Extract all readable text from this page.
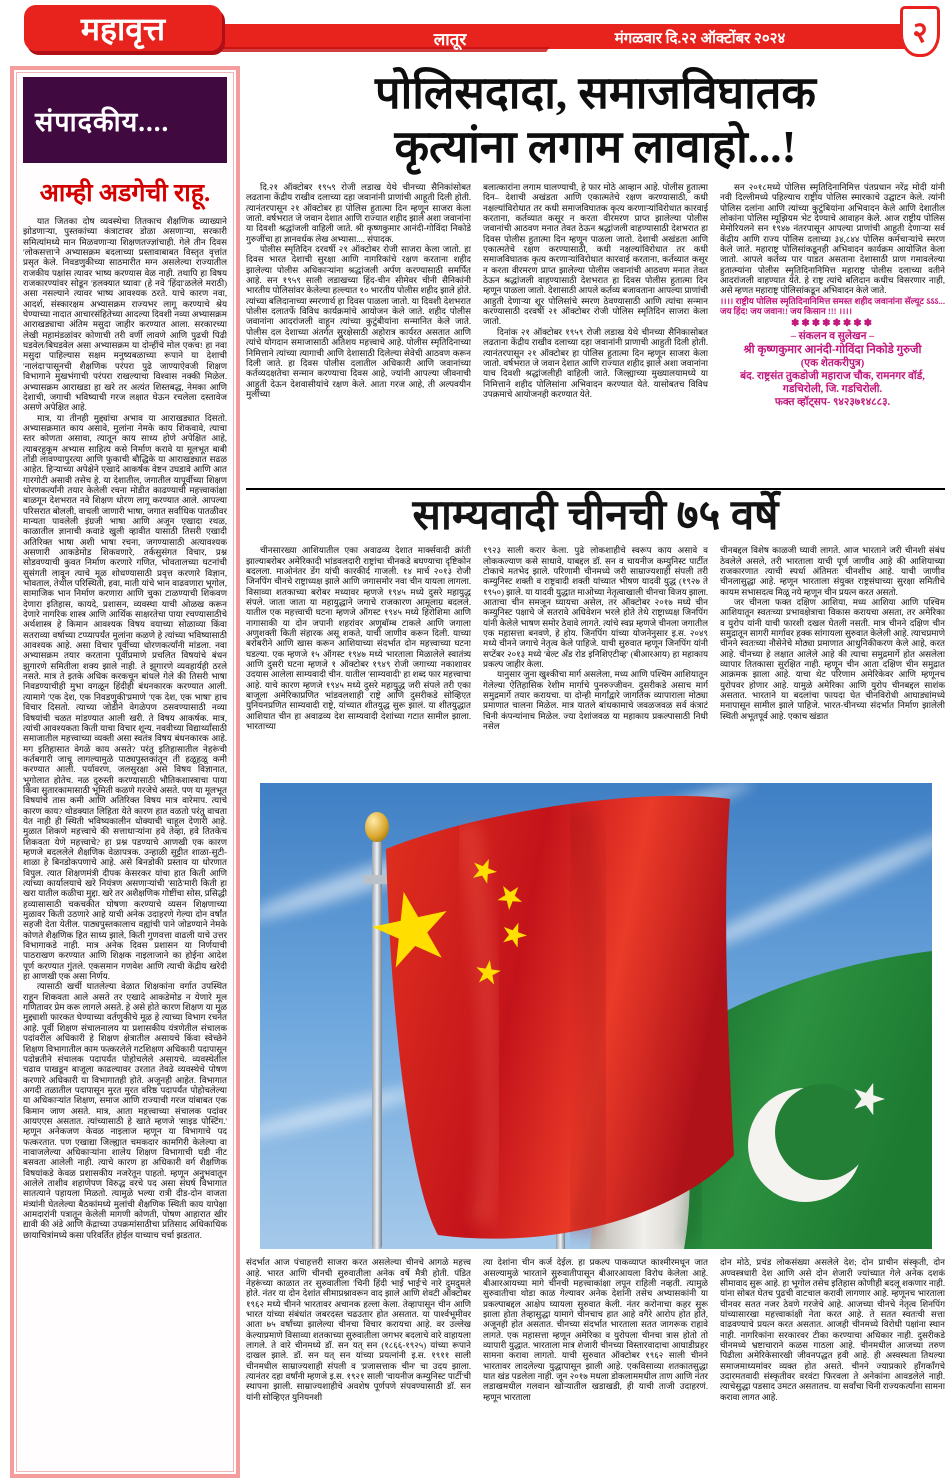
महावृत्त	लातूर	मंगळवार दि.२२ ऑक्टोंबर २०२४	२
संपादकीय....
आम्ही अडगेची राहू.

यात जितका दोष व्यवस्थेचा तितकाच शैक्षणिक व्याख्याने झोडणाऱ्या, पुस्तकांच्या कंत्राटावर डोळा असणाऱ्या, सरकारी समित्यांमध्ये मान मिळवणाऱ्या शिक्षणतज्ज्ञांचाही. गेले तीन दिवस 'लोकसत्ता'ने अभ्यासक्रम बदलाच्या प्रस्तावाबाबत विस्तृत वृत्तांत प्रसृत केले. निवडणुकीच्या साठमारीत मग्न असलेल्या राज्यातील राजकीय पक्षांस त्यावर भाष्य करण्यास वेळ नाही. तथापि हा विषय राजकारण्यांवर सोडून 'हलक्यात घ्यावा' (हे नवे 'हिंदा'ळलेले मराठी) असा नसल्याने त्यावर भाष्य आवश्यक ठरते. याचे कारण नवा, आदर्श, संस्कारक्षम अभ्यासक्रम राज्यभर लागू करण्याचे श्रेय घेण्याच्या नादात आचारसंहितेच्या आदल्या दिवशी नव्या अभ्यासक्रम आराखड्याचा अंतिम मसुदा जाहीर करण्यात आला. सरकारच्या लेखी महामंडळांवर कोणाची तरी वर्णी लावणे आणि पुढची पिढी घडवेल/बिघडवेल असा अभ्यासक्रम या दोन्हींचे मोल एकच! हा नवा मसुदा पाहिल्यास सक्षम मनुष्यबळाच्या रूपाने या देशाची 'नालंदा'पासूनची शैक्षणिक परंपरा पुढे जाण्याऐवजी शिक्षण विभागाने मुखभंगाची परंपरा राखल्याचा विश्वास नक्की मिळेल. अभ्यासक्रम आराखडा हा खरे तर अत्यंत शिस्तबद्ध, नेमका आणि देशाची, जगाची भविष्याची गरज लक्षात घेऊन रचलेला दस्तावेज असणे अपेक्षित आहे.

मात्र, या तीनही मुद्द्यांचा अभाव या आराखड्यात दिसतो. अभ्यासक्रमात काय असावे, मुलांना नेमके काय शिकवावे, त्याचा स्तर कोणता असावा, त्यातून काय साध्य होणे अपेक्षित आहे, त्याबरहुकूम अभ्यास साहित्य कसे निर्माण करावे या मूलभूत बाबी तोंडी लावण्यापुरत्या आणि फुकाची बौद्धिके या आराखड्यात सढळ आहेत. हिऱ्याच्या अपेक्षेने एखादे आकर्षक वेष्टन उघडावे आणि आत गारगोटी असावी तसेच हे. या देशातील, जगातील यापूर्वीच्या शिक्षण धोरणकर्त्यांनी तयार केलेली रचना मोडीत काढण्याची महत्त्वाकांक्षा बाळगून देशभरात नवे शिक्षण धोरण लागू करण्यात आले. आपल्या परिसरात बोलली, वाचली जाणारी भाषा, जगात सर्वाधिक पातळीवर मान्यता पावलेली इंग्रजी भाषा आणि अजून एखादा रथळ, काळातील ज्ञानाची कवाडे खुली व्हावीत यासाठी तिसरी एखादी अतिरिक्त भाषा अशी भाषा रचना, जगण्यासाठी अत्यावश्यक असणारी आकडेमोड शिकवणारे, तर्कसुसंगत विचार, प्रश्न सोडवण्याची कुवत निर्माण करणारे गणित, भोवतालच्या घटनांची सुसंगती लावून त्याचे मूळ शोधण्यासाठी प्रवृत्त करणारे विज्ञान, भोवताल, तेथील परिस्थिती, हवा, माती यांचे भान वाढवणारा भूगोल, सामाजिक भान निर्माण करणारा आणि चुका टाळण्याची शिकवण देणारा इतिहास, कायदे, प्रशासन, व्यवस्था याची ओळख करून देणारे नागरिक शास्त्र आणि आर्थिक साक्षरतेचा पाया रचण्यासाठीचे अर्थशास्त्र हे किमान आवश्यक विषय वयाच्या सोळाव्या किंवा सतराव्या वर्षाच्या टप्प्यापर्यंत मुलांना कळणे हे त्यांच्या भविष्यासाठी आवश्यक आहे. असा विचार पूर्वीच्या धोरणकर्त्यांनी मांडला. नवा अभ्यासक्रम तयार करताना पूर्वीप्रमाणे प्रचलित विषयांचे बंधन झुगारणे समितीला शक्य झाले नाही. ते झुगारणे व्यवहार्यही ठरले नसते. मात्र ते इतके अधिक करकचून बांधले गेले की तिसरी भाषा निवडण्याचीही मुभा वगळून हिंदीही बंधनकारक करण्यात आली. त्यामागे 'एक देश, एक निवडणुकी'प्रमाणे 'एक देश, एक भाषा' हाच विचार दिसतो. त्याच्या जोडीने वेगळेपण ठसवण्यासाठी नव्या विषयांची चळत मांडण्यात आली खरी. ते विषय आकर्षक. मात्र, त्यांची आवश्यकता किती याचा विचार शून्य. नववीच्या विद्यार्थ्यांसाठी समाजातील महत्त्वाच्या व्यक्ती असा स्वतंत्र विषय बंधनकारक आहे. मग इतिहासात वेगळे काय असते? परंतु इतिहासातील नेहरूंची कर्तबगारी जाचू लागल्यामुळे पाठ्यपुस्तकांतून ती हळूहळू कमी करण्यात आली. पर्यावरण, जलसुरक्षा असे विषय विज्ञानात, भूगोलात होतेच. नळ दुरुस्ती करण्यासाठी भौतिकशास्त्राचा पाया किंवा सुतारकामासाठी भूमिती कळणे गरजेचे असते. पण या मूलभूत विषयांचे तास कमी आणि अतिरिक्त विषय मात्र वारेमाप. त्याचे कारण काय? थोडक्यात लिहिता येते कारण हात वळतो परंतु वाचता येत नाही ही स्थिती भविष्यकालीन धोक्याची चाहूल देणारी आहे. मुळात शिकणे महत्त्वाचे की सत्ताधाऱ्यांना हवे तेव्हा, हवे तितकेच शिकवता येणे महत्त्वाचे? हा प्रश्न पडण्याचे आणखी एक कारण म्हणजे बदललेले शैक्षणिक वेळापत्रक. उन्हाळी सुट्टीत शाळा-सुटी-शाळा हे बिनडोकपणाचे आहे. असे बिनडोकी प्रस्ताव या धोरणात विपुल. त्यात शिक्षणमंत्री दीपक केसरकर यांचा हात किती आणि त्यांच्या कार्यालयाचे खरे नियंत्रण असणाऱ्यांची 'साठे'मारी किती हा खरा यातील कळीचा मुद्दा. खरे तर अशैक्षणिक गोष्टींचा सोस, प्रसिद्धी हव्यासासाठी चकचकीत घोषणा करण्याचे व्यसन शिक्षणाच्या मुळावर किती उठणारे आहे याची अनेक उदाहरणे गेल्या दोन वर्षांत सहजी देता येतील. पाठ्यपुस्तकालाच वह्यांची पाने जोडण्याने नेमके कोणते शैक्षणिक हित साध्य झाले, किती गुणवत्ता वाढली याचे उत्तर विभागाकडे नाही. मात्र अनेक दिवस प्रशासन या निर्णयाची पाठराखण करण्यात आणि शिक्षक नाइलाजाने का होईना आदेश पूर्ण करण्यात गुंतले. एकसमान गणवेश आणि त्याची केंद्रीय खरेदी हा आणखी एक असा निर्णय.

त्यासाठी खर्ची घातलेल्या वेळात शिक्षकांना वर्गात उपस्थित राहून शिकवता आले असते तर एखादे आकडेमोड न येणारे मूल गणितावर प्रेम करू लागले असते. हे असे होते कारण शिक्षण या मूळ मुद्द्याशी फारकत घेण्याच्या वर्तणुकीचे मूळ हे त्याच्या विभाग रचनेत आहे. पूर्वी शिक्षण संचालनालय या प्रशासकीय यंत्रणेतील संचालक पदांवरील अधिकारी हे शिक्षण क्षेत्रातील असायचे किंवा स्वेच्छेने शिक्षण विभागातील काम फत्करलेले गटशिक्षण अधिकारी पदापासून पदोन्नतीने संचालक पदापर्यंत पोहोचलेले असायचे. व्यवस्थेतील चढाव पाखडून बाजूला काढल्यावर उरतात तेवढे व्यवस्थेचे पोषण करणारे अधिकारी या विभागातही होते. अजूनही आहेत. विभागात अगदी तळातील पदापासून मुरत मुरत वरिष्ठ पदापर्यंत पोहोचलेल्या या अधिकाऱ्यांत शिक्षण, समाज आणि राज्याची गरज यांबाबत एक किमान जाण असते. मात्र, आता महत्त्वाच्या संचालक पदांवर आयएएस असतात. त्यांच्यासाठी हे खाते म्हणजे 'साइड पोस्टिंग.' म्हणून अनेकजण केवळ नाइलाज म्हणून या विभागाचे पद फत्करतात. पण एखाद्या जिल्ह्यात चमकदार कामगिरी केलेल्या वा नावाजलेल्या अधिकाऱ्यांना शालेय शिक्षण विभागाची घडी नीट बसवता आलेली नाही. त्याचे कारण हा अधिकारी वर्ग शैक्षणिक विषयांकडे केवळ प्रशासकीय नजरेतून पाहतो. म्हणून अनुभवातून आलेले ताशीव शहाणेपण विरुद्ध वरचे पद असा संघर्ष विभागात सातत्याने पहायला मिळतो. त्यामुळे भल्या रात्री दीड-दोन वाजता मंत्र्यांनी घेतलेल्या बैठकांमध्ये मुलांची शैक्षणिक स्थिती काय यापेक्षा आमदारांनी पत्रातून केलेली मागणी कोणती, पोषण आहारात खीर द्यावी की अंडे आणि केंद्राच्या उपक्रमांसाठीचा प्रतिसाद अधिकाधिक छायाचित्रांमध्ये कसा परिवर्तित होईल याच्याच चर्चा झडतात.

पोलिसदादा, समाजविघातक
कृत्यांना लगाम लावाहो...!

दि.२१ ऑक्टोबर १९५९ रोजी लडाख येथे चीनच्या सैनिकांसोबत लढताना केंद्रीय राखीव दलाच्या दहा जवानांनी प्राणांची आहूती दिली होती. त्यानंतरपासून २१ ऑक्टोबर हा पोलिस हुतात्मा दिन म्हणून साजरा केला जातो. वर्षभरात जे जवान देशात आणि राज्यात शहीद झाले अशा जवानांना या दिवशी श्रद्धांजली वाहिली जाते. श्री कृष्णकुमार आनंदी-गोविंदा निकोडे गुरुजींचा हा ज्ञानवर्धक लेख अभ्यासा.... संपादक.

पोलीस स्मृतिदिन दरवर्षी २१ ऑक्टोबर रोजी साजरा केला जातो. हा दिवस भारत देशाची सुरक्षा आणि नागरिकांचे रक्षण करताना शहीद झालेल्या पोलीस अधिकाऱ्यांना श्रद्धांजली अर्पण करण्यासाठी समर्पित आहे. सन १९५९ साली लडाखच्या हिंद-चीन सीमेवर चीनी सैनिकांनी भारतीय पोलिसांवर केलेल्या हल्ल्यात १० भारतीय पोलीस शहीद झाले होते. त्यांच्या बलिदानाच्या स्मरणार्थ हा दिवस पाळला जातो. या दिवशी देशभरात पोलीस दलातर्फे विविध कार्यक्रमांचे आयोजन केले जाते. शहीद पोलीस जवानांना आदरांजली वाहून त्यांच्या कुटुंबीयांना सन्मानित केले जाते. पोलीस दल देशाच्या अंतर्गत सुरक्षेसाठी अहोरात्र कार्यरत असतात आणि त्यांचे योगदान समाजासाठी अतिशय महत्त्वाचे आहे. पोलीस स्मृतिदिनाच्या निमित्ताने त्यांच्या त्यागाची आणि देशासाठी दिलेल्या सेवेची आठवण करून दिली जाते. हा दिवस पोलीस दलातील अधिकारी आणि जवानांच्या कर्तव्यदक्षतेचा सन्मान करण्याचा दिवस आहे, ज्यांनी आपल्या जीवनाची आहुती देऊन देशवासीयांचे रक्षण केले. आता गरज आहे, ती अल्पवयीन मुलींच्या

बलात्कारांना लगाम घालण्याची, हे फार मोठे आव्हान आहे. पोलीस हुतात्मा दिन– देशाची अखंडता आणि एकात्मतेचे रक्षण करण्यासाठी, कधी नक्षल्यांविरोधात तर कधी समाजविघातक कृत्य करणाऱ्यांविरोधात कारवाई करताना, कर्तव्यात कसूर न करता वीरमरण प्राप्त झालेल्या पोलीस जवानांची आठवण मनात तेवत ठेऊन श्रद्धांजली वाहण्यासाठी देशभरात हा दिवस पोलीस हुतात्मा दिन म्हणून पाळला जातो. देशाची अखंडता आणि एकात्मतेचे रक्षण करण्यासाठी, कधी नक्षल्यांविरोधात तर कधी समाजविघातक कृत्य करणाऱ्यांविरोधात कारवाई करताना, कर्तव्यात कसूर न करता वीरमरण प्राप्त झालेल्या पोलीस जवानांची आठवण मनात तेवत ठेऊन श्रद्धांजली वाहण्यासाठी देशभरात हा दिवस पोलीस हुतात्मा दिन म्हणून पाळला जातो. देशासाठी आपले कर्तव्य बजावताना आपल्या प्राणांची आहुती देणाऱ्या शूर पोलिसांचे स्मरण ठेवण्यासाठी आणि त्यांचा सन्मान करण्यासाठी दरवर्षी २१ ऑक्टोबर रोजी पोलिस स्मृतिदिन साजरा केला जातो.

दिनांक २१ ऑक्टोबर १९५९ रोजी लडाख येथे चीनच्या सैनिकासोबत लढताना केंद्रीय राखीव दलाच्या दहा जवानांनी प्राणाची आहुती दिली होती. त्यानंतरपासून २१ ऑक्टोबर हा पोलिस हुतात्मा दिन म्हणून साजरा केला जातो. वर्षभरात जे जवान देशात आणि राज्यात शहीद झाले अशा जवानांना याच दिवशी श्रद्धांजलीही वाहिली जाते. जिल्ह्याच्या मुख्यालयामध्ये या निमित्ताने शहीद पोलिसांना अभिवादन करण्यात येते. यासोबतच विविध उपक्रमाचे आयोजनही करण्यात येते.

सन २०१८मध्ये पोलिस स्मृतिदिनानिमित्त पंतप्रधान नरेंद्र मोदी यांनी नवी दिल्लीमध्ये पहिल्याच राष्ट्रीय पोलिस स्मारकाचे उद्घाटन केले. त्यांनी पोलिस दलांना आणि त्यांच्या कुटुंबियांना अभिवादन केले आणि देशातील लोकांना पोलिस म्यूझियम भेट देण्याचे आवाहन केले. आज राष्ट्रीय पोलिस मेमोरियलने सन १९४७ नंतरपासून आपल्या प्राणांची आहुती देणाऱ्या सर्व केंद्रीय आणि राज्य पोलिस दलाच्या ३४,८४४ पोलिस कर्मचाऱ्यांचे स्मरण केले जाते. महाराष्ट्र पोलिसांकडूनही अभिवादन कार्यक्रम आयोजित केला जातो. आपले कर्तव्य पार पाडत असताना देशासाठी प्राण गमावलेल्या हुतात्म्यांना पोलीस स्मृतिदिनानिमित्त महाराष्ट्र पोलीस दलाच्या वतीने आदरांजली वाहण्यात येते. हे राष्ट्र त्यांचे बलिदान कधीच विसरणार नाही, असे म्हणत महाराष्ट्र पोलिसांकडून अभिवादन केले जाते.

।।।। राष्ट्रीय पोलिस स्मृतिदिनानिमित्त समस्त शहीद जवानांना सॅल्यूट ऽऽऽ... जय हिंद! जय जवान!! जय किसान !!! ।।।।

✽✽✽✽✽✽✽✽
– संकलन व सुलेखन –
श्री कृष्णकुमार आनंदी-गोविंदा निकोडे गुरुजी
(एक शेतकरीपुत्र)
बंद. राष्ट्रसंत तुकडोजी महाराज चौक, रामनगर वॉर्ड,
गडचिरोली, जि. गडचिरोली.
फक्त व्हॉट्सप- ९४२३७१४८८३.
साम्यवादी चीनची ७५ वर्षे

चीनसारख्या आशियातील एका अवाढव्य देशात मार्क्सवादी क्रांती झाल्याबरोबर अमेरिकादी भांडवलदारी राष्ट्रांचा चीनकडे बघण्याचा दृष्टिकोन बदलला. माओनंतर डेंग यांची कारकीर्द गाजली. १४ मार्च २०१३ रोजी जिनपिंग चीनचे राष्ट्राध्यक्ष झाले आणि जगासमोर नवा चीन यायला लागला. विसाव्या शतकाच्या बरोबर मध्यावर म्हणजे १९४५ मध्ये दुसरे महायुद्ध संपले. जाता जाता या महायुद्धाने जगाचे राजकारण आमूलाग्र बदलले. यातील एक महत्त्वाची घटना म्हणजे ऑगस्ट १९४५ मध्ये हिरोशिमा आणि नागासाकी या दोन जपानी शहरांवर अणुबॉम्ब टाकले आणि जगाला अणुशक्ती किती संहारक असू शकते, याची जाणीव करून दिली. याच्या बरोबरीने आणि खास करून आशियाच्या संदर्भात दोन महत्त्वाच्या घटना घडल्या. एक म्हणजे १५ ऑगस्ट १९४७ मध्ये भारताला मिळालेले स्वातंत्र्य आणि दुसरी घटना म्हणजे १ ऑक्टोबर १९४९ रोजी जगाच्या नकाशावर उदयास आलेला साम्यवादी चीन. यातील 'साम्यवादी' हा शब्द फार महत्त्वाचा आहे. याचे कारण म्हणजे १९४५ मध्ये दुसरे महायुद्ध जरी संपले तरी एका बाजूला अमेरिकाप्रणित भांडवलशाही राष्ट्रे आणि दुसरीकडे सोव्हिएत युनियनप्रणित साम्यवादी राष्ट्रे, यांच्यात शीतयुद्ध सुरू झालं. या शीतयुद्धात आशियात चीन हा अवाढव्य देश साम्यवादी देशांच्या गटात सामील झाला. भारताच्या

१९२३ साली करार केला. पुढे लोकशाहीचे स्वरूप काय असावे व लोककल्याण कसे साधावे, याबद्दल डॉ. सन व चायनीज कम्युनिस्ट पार्टीत टोकाचे मतभेद झाले. परिणामी चीनमध्ये जरी साम्राज्यशाही संपली तरी कम्युनिस्ट शक्ती व राष्ट्रवादी शक्ती यांच्यात भीषण यादवी युद्ध (१९२७ ते १९५०) झाले. या यादवी युद्धात माओच्या नेतृत्वाखाली चीनचा विजय झाला. आताचा चीन समजून घ्यायचा असेल, तर ऑक्टोबर २०१७ मध्ये चीन कम्युनिस्ट पक्षाचे जे सतरावे अधिवेशन भरले होते तेथे राष्ट्राध्यक्ष जिनपिंग यांनी केलेले भाषण समोर ठेवावे लागते. त्यांचे स्वप्न म्हणजे चीनला जगातील एक महासत्ता बनवणे, हे होय. जिनपिंग यांच्या योजनेनुसार इ.स. २०४९ मध्ये चीनने जगाचे नेतृत्व केले पाहिजे. याची सुरुवात म्हणून जिनपिंग यांनी सप्टेंबर २०१३ मध्ये 'बेल्ट अँड रोड इनिशिएटीव्ह' (बीआरआय) हा महाकाय प्रकल्प जाहीर केला.

यानुसार जुना खुश्कीचा मार्ग असलेला, मध्य आणि पश्चिम आशियातून गेलेल्या ऐतिहासिक रेशीम मार्गाचे पुनरुज्जीवन. दुसरीकडे असाच मार्ग समुद्रमार्गे तयार करायचा. या दोन्ही मार्गांद्वारे जागतिक व्यापाराला मोठ्या प्रमाणात चालना मिळेल. मात्र यातले बांधकामाचे जवळजवळ सर्व कंत्राटं चिनी कंपन्यांनाच मिळेल. ज्या देशांजवळ या महाकाय प्रकल्पासाठी निधी नसेल

चीनबद्दल विशेष काळजी घ्यावी लागते. आज भारताने जरी चीनशी संबंध ठेवलेले असले, तरी भारताला याची पूर्ण जाणीव आहे की आशियाच्या राजकारणात त्याची स्पर्धा अंतिमतः चीनशीच आहे. याची जाणीव चीनलासुद्धा आहे. म्हणून भारताला संयुक्त राष्ट्रसंघाच्या सुरक्षा समितीचे कायम सभासदत्व मिळू नये म्हणून चीन प्रयत्न करत असतो.

जर चीनला फक्त दक्षिण आशिया, मध्य आशिया आणि पश्चिम आशियातून स्वतःच्या प्रभावक्षेत्राचा विकास करायचा असता, तर अमेरिका व युरोप यांनी याची फारशी दखल घेतली नसती. मात्र चीनने दक्षिण चीन समुद्रातून सागरी मार्गावर हक्क सांगायला सुरुवात केलेली आहे. त्याचप्रमाणे चीनने स्वतःच्या नौसेनेचे मोठ्या प्रमाणात आधुनिकीकरण केले आहे, करत आहे. चीनच्या हे लक्षात आलेले आहे की त्याचा समुद्रमार्गे होत असलेला व्यापार तितकासा सुरक्षित नाही. म्हणून चीन आता दक्षिण चीन समुद्रात आक्रमक झाला आहे. याचा थेट परिणाम अमेरिकेवर आणि म्हणूनच युरोपवर होणार आहे. यामुळे अमेरिका आणि युरोप चीनबद्दल साशंक असतात. भारताने या बदलांचा फायदा घेत चीनविरोधी आघाड्यांमध्ये मनापासून सामील झाले पाहिजे. भारत-चीनच्या संदर्भात निर्माण झालेली स्थिती अभूतपूर्व आहे. एकाच खंडात

संदर्भात आज पंचाहत्तरी साजरा करत असलेल्या चीनचे आगळे महत्त्व आहे. भारत आणि चीनची सुरुवातीला अनेक वर्षे मैत्री होती. पंडित नेहरूंच्या काळात तर सुरुवातीला 'चिनी हिंदी भाई भाई'चे नारे दुमदुमले होते. नंतर या दोन देशांत सीमाप्रश्नावरून वाद झाले आणि शेवटी ऑक्टोबर १९६२ मध्ये चीनने भारतावर अचानक हल्ला केला. तेव्हापासून चीन आणि भारत यांच्या संबंधांत जबरदस्त चढउतार होत असतात. या पार्श्वभूमीवर आता ७५ वर्षांच्या झालेल्या चीनचा विचार करायचा आहे. वर उल्लेख केल्याप्रमाणे विसाव्या शतकाच्या सुरुवातीला जगभर बदलाचे वारे वाहायला लागले. ते वारे चीनमध्ये डॉ. सन यत् सन (१८६६-१९२५) यांच्या रूपाने दाखल झाले. डॉ. सन यत् सन यांच्या प्रयत्नांनी इ.स. १९११ साली चीनमधील साम्राज्यशाही संपली व 'प्रजासत्ताक चीन' चा उदय झाला. त्यानंतर दहा वर्षांनी म्हणजे इ.स. १९२१ साली 'चायनीज कम्युनिस्ट पार्टी'ची स्थापना झाली. साम्राज्यशाहीचे अवशेष पूर्णपणे संपवण्यासाठी डॉ. सन यांनी सोव्हिएत युनियनशी

त्या देशांना चीन कर्ज देईल. हा प्रकल्प पाकव्याप्त काश्मीरमधून जात असल्यामुळे भारताने सुरुवातीपासून बीआरआयला विरोध केलेला आहे. बीआरआयच्या मागे चीनची महत्त्वाकांक्षा लपून राहिली नव्हती. त्यामुळे सुरुवातीचा थोडा काळ गेल्यावर अनेक देशांनी तसेच अभ्यासकांनी या प्रकल्पाबद्दल आक्षेप घ्यायला सुरुवात केली. नंतर करोनाचा कहर सुरू झाला होता तेव्हासुद्धा यामागे चीनचाच हात आहे वगैरे आरोप होत होते, अजूनही होत असतात. चीनच्या संदर्भात भारताला सतत जागरूक राहावे लागते. एक महासत्ता म्हणून अमेरिका व युरोपला चीनचा त्रास होतो तो व्यापारी युद्धात. भारताला मात्र शेजारी चीनच्या विस्तारवादाचा आघाडीप्रहर सामना करावा लागतो. याची सुरुवात ऑक्टोबर १९६२ साली चीनने भारतावर लादलेल्या युद्धापासून झाली आहे. एकविसाव्या शतकातसुद्धा यात खंड पडलेला नाही. जून २०१७ मधला डोकलाममधील ताण आणि नंतर लडाखमधील गलवान खोऱ्यातील खडाखडी, ही याची ताजी उदाहरणं. म्हणून भारताला

दोन मोठे, प्रचंड लोकसंख्या असलेले देश; दोन प्राचीन संस्कृती, दोन अण्वस्त्रधारी देश आणि असे दोन शेजारी ज्यांच्यात गेले अनेक दशकं सीमावाद सुरू आहे. हा भूगोल तसेच इतिहास कोणीही बदलू शकणार नाही. यांना सोबत घेतच पुढची वाटचाल करावी लागणार आहे. म्हणूनच भारताला चीनवर सतत नजर ठेवणे गरजेचे आहे. आजच्या चीनचे नेतृत्व शिनपिंग यांच्यासारखा महत्त्वाकांक्षी नेता करत आहे. ते सतत स्वतःची सत्ता वाढवण्याचे प्रयत्न करत असतात. आजही चीनमध्ये विरोधी पक्षांना स्थान नाही. नागरिकांना सरकारवर टीका करण्याचा अधिकार नाही. दुसरीकडे चीनमध्ये भ्रष्टाचाराने कळस गाठला आहे. चीनमधील आजच्या तरुण पिढीला अमेरिकेसारखी जीवनपद्धत हवी आहे. ही अस्वस्थता तिथल्या समाजमाध्यमांवर व्यक्त होत असते. चीनने ज्याप्रकारे हाँगकाँगचे उदारमतवादी संस्कृतीवर वरवंटा फिरवला ते अनेकांना आवडलेले नाही. त्याचेसुद्धा पडसाद उमटत असतातच. या सर्वांचा चिनी राज्यकर्त्यांना सामना करावा लागत आहे.
